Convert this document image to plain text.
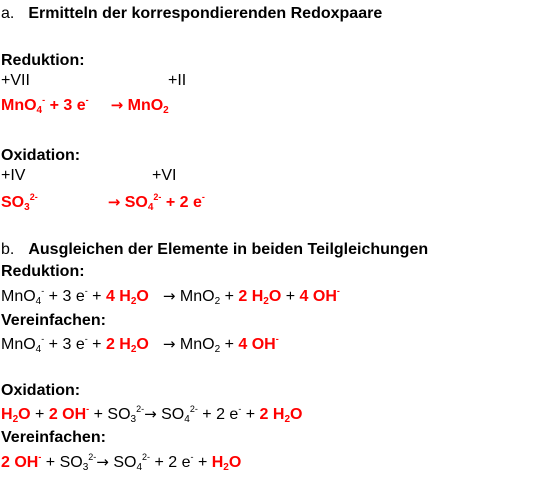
a. Ermitteln der korrespondierenden Redoxpaare
Reduktion:
+VII	+II
MnO$_4$- + 3 e- → MnO$_2$
Oxidation:
+IV	+VI
$SO_3^{2-}$	→ $SO_4^{2-} + 2$ e-
b. Ausgleichen der Elemente in beiden Teilgleichungen
Reduktion:
MnO$_4$- + 3 e- + 4 $H_2O \to MnO_2 + 2$ $H_2O + 4$ OH-
Vereinfachen:
MnO$_4$- + 3 e- + 2 $H_2O \to MnO_2 + 4$ OH-
Oxidation:
$H_2O + 2$ $OH^- + SO_3^{2-}\to SO_4^{2-} + 2$ e- + 2 $H_2O$
Vereinfachen:
2 $OH^- + SO_3^{2-}\to SO_4^{2-} + 2$ $e^- + H_2O$
